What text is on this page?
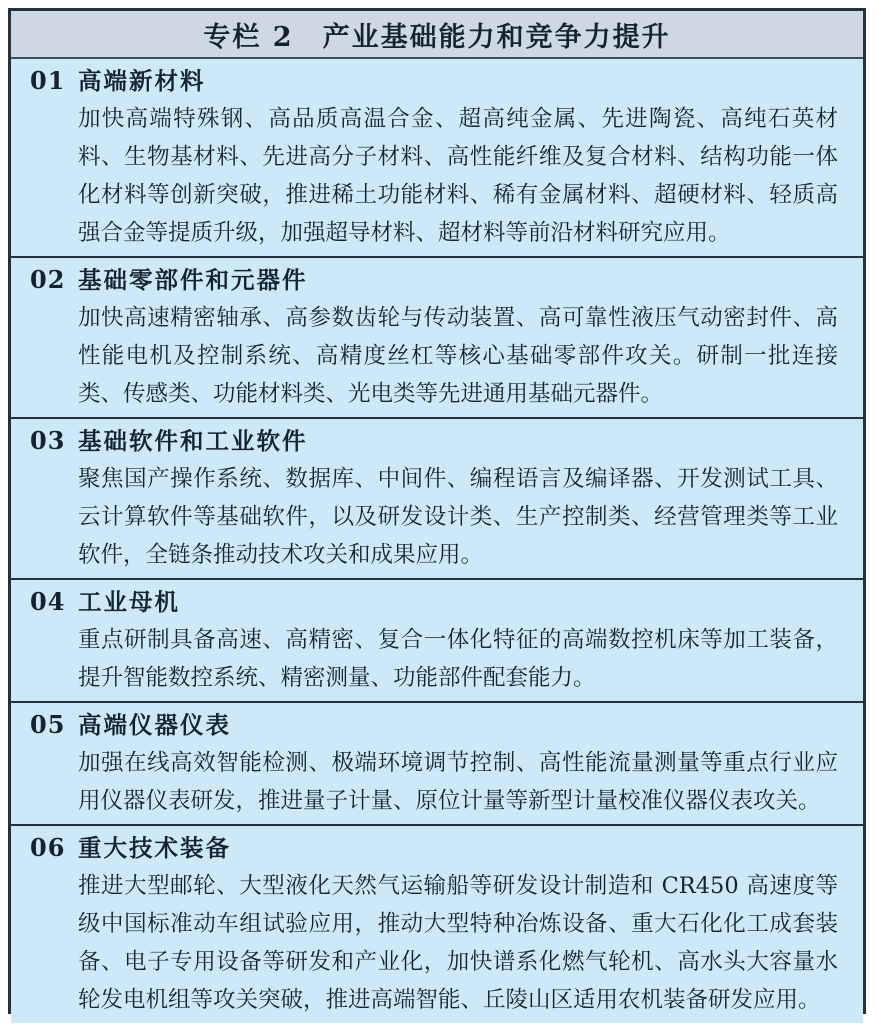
专栏 2　产业基础能力和竞争力提升
01 高端新材料

加快高端特殊钢、高品质高温合金、超高纯金属、先进陶瓷、高纯石英材料、生物基材料、先进高分子材料、高性能纤维及复合材料、结构功能一体化材料等创新突破，推进稀土功能材料、稀有金属材料、超硬材料、轻质高强合金等提质升级，加强超导材料、超材料等前沿材料研究应用。

02 基础零部件和元器件

加快高速精密轴承、高参数齿轮与传动装置、高可靠性液压气动密封件、高性能电机及控制系统、高精度丝杠等核心基础零部件攻关。研制一批连接类、传感类、功能材料类、光电类等先进通用基础元器件。

03 基础软件和工业软件

聚焦国产操作系统、数据库、中间件、编程语言及编译器、开发测试工具、云计算软件等基础软件，以及研发设计类、生产控制类、经营管理类等工业软件，全链条推动技术攻关和成果应用。

04 工业母机

重点研制具备高速、高精密、复合一体化特征的高端数控机床等加工装备，提升智能数控系统、精密测量、功能部件配套能力。

05 高端仪器仪表

加强在线高效智能检测、极端环境调节控制、高性能流量测量等重点行业应用仪器仪表研发，推进量子计量、原位计量等新型计量校准仪器仪表攻关。

06 重大技术装备

推进大型邮轮、大型液化天然气运输船等研发设计制造和 CR450 高速度等级中国标准动车组试验应用，推动大型特种冶炼设备、重大石化化工成套装备、电子专用设备等研发和产业化，加快谱系化燃气轮机、高水头大容量水轮发电机组等攻关突破，推进高端智能、丘陵山区适用农机装备研发应用。
